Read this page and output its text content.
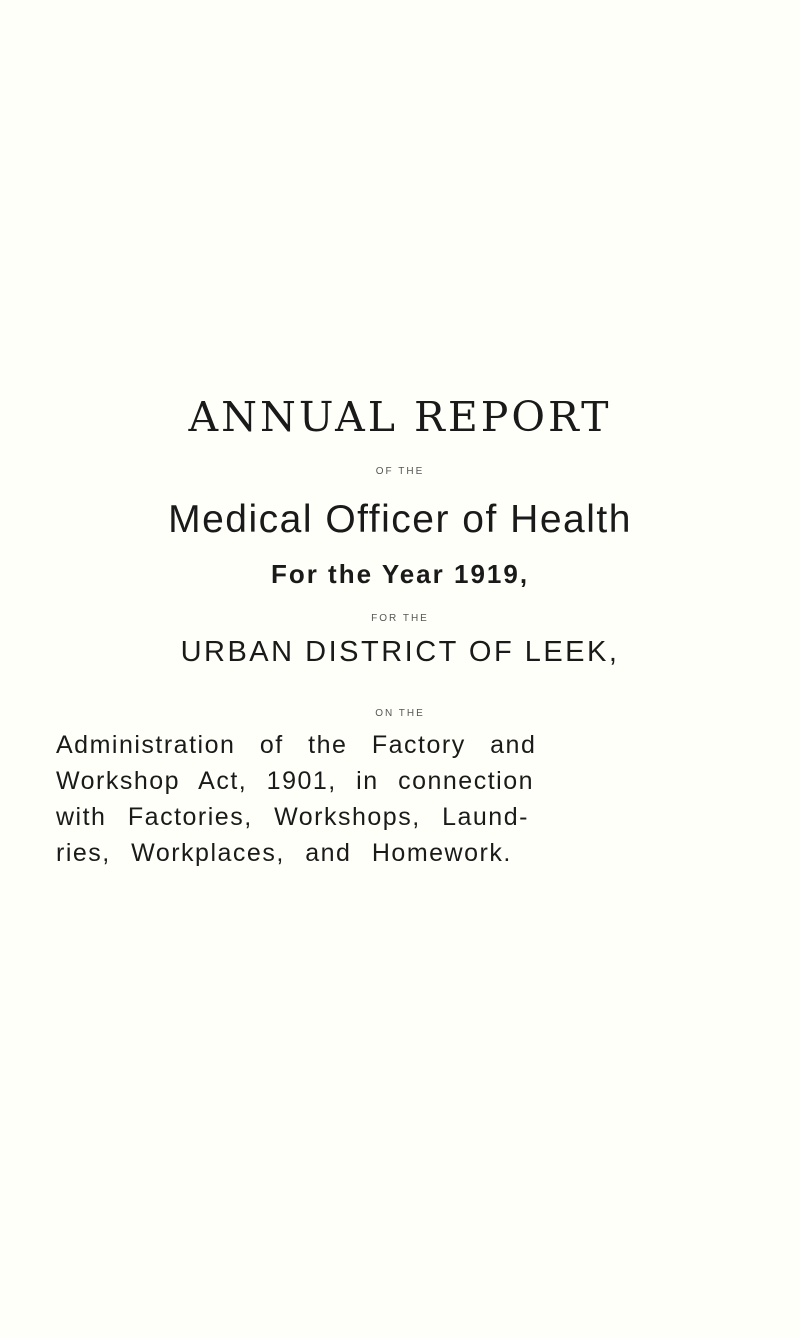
ANNUAL REPORT
OF THE
Medical Officer of Health
For the Year 1919,
FOR THE
URBAN DISTRICT OF LEEK,
ON THE
Administration of the Factory and
Workshop Act, 1901, in connection
with Factories, Workshops, Laund-
ries, Workplaces, and Homework.
